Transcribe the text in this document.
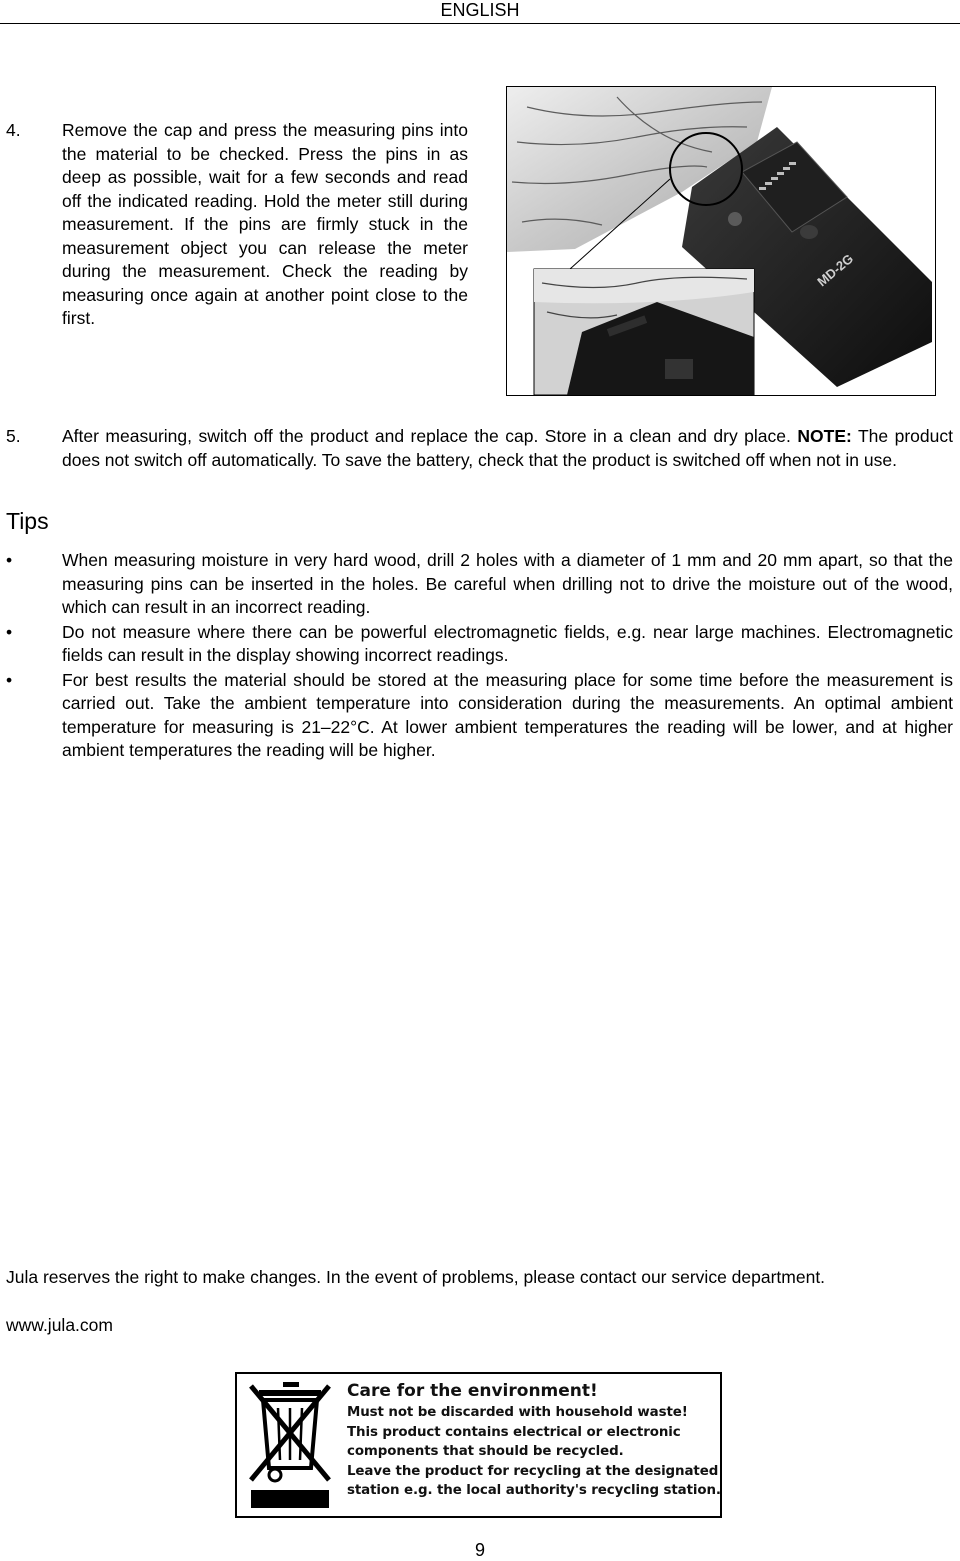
ENGLISH
4. Remove the cap and press the measuring pins into the material to be checked. Press the pins in as deep as possible, wait for a few seconds and read off the indicated reading. Hold the meter still during measurement. If the pins are firmly stuck in the measurement object you can release the meter during the measurement. Check the reading by measuring once again at another point close to the first.
MD-2G
5. After measuring, switch off the product and replace the cap. Store in a clean and dry place. NOTE: The product does not switch off automatically. To save the battery, check that the product is switched off when not in use.
Tips
•	When measuring moisture in very hard wood, drill 2 holes with a diameter of 1 mm and 20 mm apart, so that the measuring pins can be inserted in the holes. Be careful when drilling not to drive the moisture out of the wood, which can result in an incorrect reading.
•	Do not measure where there can be powerful electromagnetic fields, e.g. near large machines. Electromagnetic fields can result in the display showing incorrect readings.
•	For best results the material should be stored at the measuring place for some time before the measurement is carried out. Take the ambient temperature into consideration during the measurements. An optimal ambient temperature for measuring is 21–22°C. At lower ambient temperatures the reading will be lower, and at higher ambient temperatures the reading will be higher.
Jula reserves the right to make changes. In the event of problems, please contact our service department.
www.jula.com
Care for the environment!
Must not be discarded with household waste!
This product contains electrical or electronic
components that should be recycled.
Leave the product for recycling at the designated
station e.g. the local authority's recycling station.
9
